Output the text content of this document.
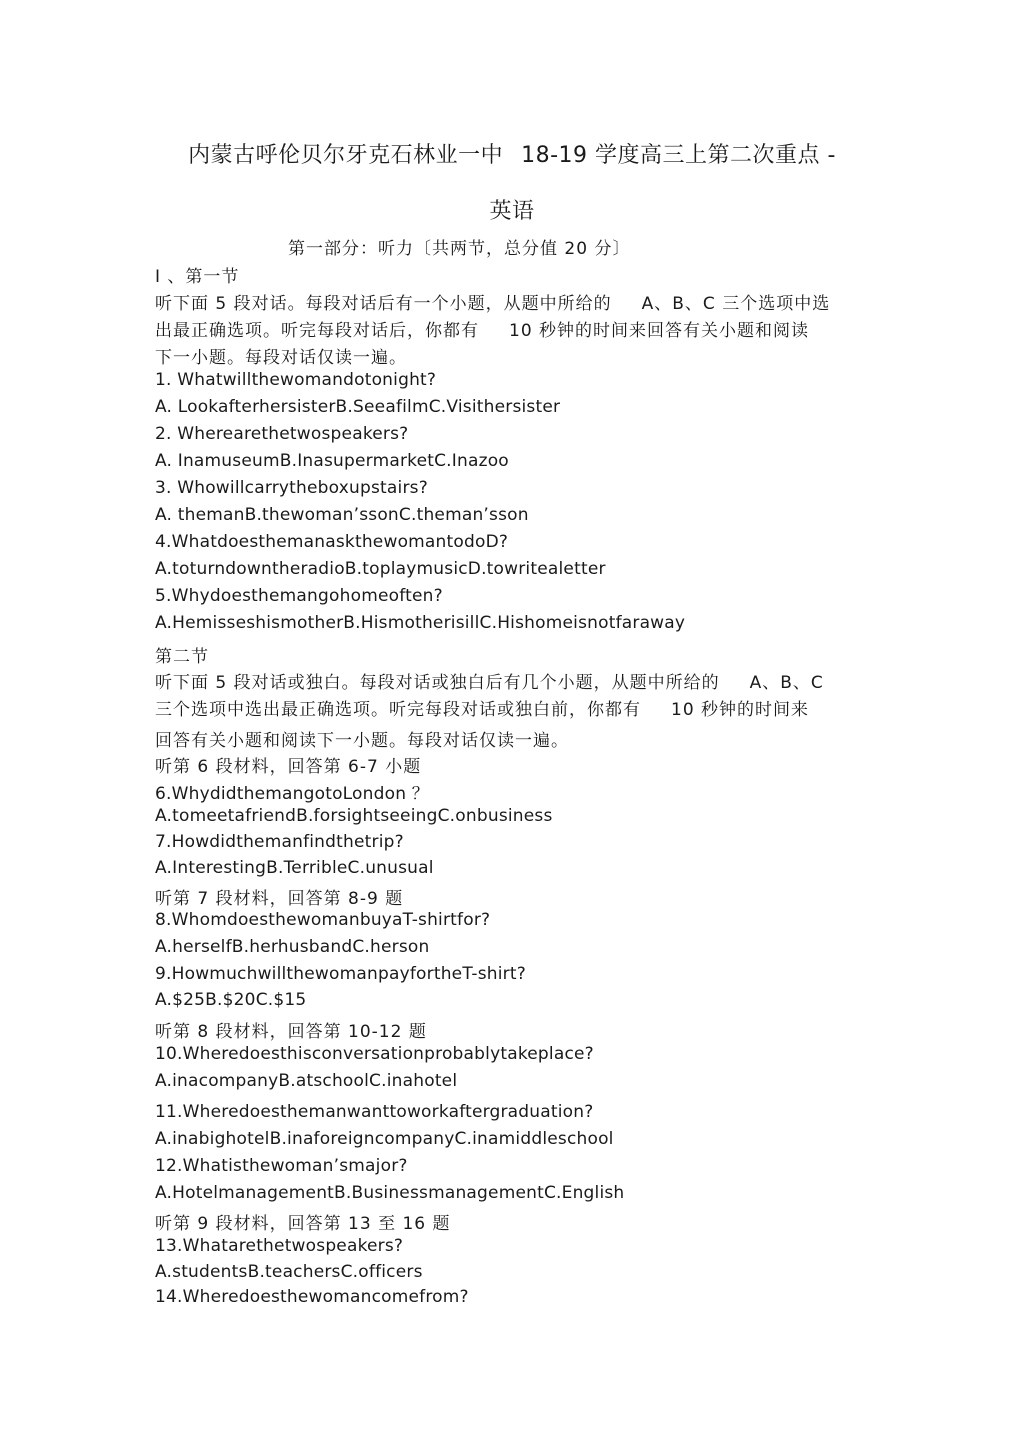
内蒙古呼伦贝尔牙克石林业一中 18-19 学度高三上第二次重点 -
英语
第一部分：听力〔共两节，总分值 20 分〕
I 、第一节
听下面 5 段对话。每段对话后有一个小题，从题中所给的 A、B、C 三个选项中选
出最正确选项。听完每段对话后，你都有 10 秒钟的时间来回答有关小题和阅读
下一小题。每段对话仅读一遍。
1. Whatwillthewomandotonight?
A. LookafterhersisterB.SeeafilmC.Visithersister
2. Wherearethetwospeakers?
A. InamuseumB.InasupermarketC.Inazoo
3. Whowillcarrytheboxupstairs?
A. themanB.thewoman’ssonC.theman’sson
4.WhatdoesthemanaskthewomantodoD?
A.toturndowntheradioB.toplaymusicD.towritealetter
5.Whydoesthemangohomeoften?
A.HemisseshismotherB.HismotherisillC.Hishomeisnotfaraway
第二节
听下面 5 段对话或独白。每段对话或独白后有几个小题，从题中所给的 A、B、C
三个选项中选出最正确选项。听完每段对话或独白前，你都有 10 秒钟的时间来
回答有关小题和阅读下一小题。每段对话仅读一遍。
听第 6 段材料，回答第 6-7 小题
6.WhydidthemangotoLondon ？
A.tomeetafriendB.forsightseeingC.onbusiness
7.Howdidthemanfindthetrip?
A.InterestingB.TerribleC.unusual
听第 7 段材料，回答第 8-9 题
8.WhomdoesthewomanbuyaT-shirtfor?
A.herselfB.herhusbandC.herson
9.HowmuchwillthewomanpayfortheT-shirt?
A.$25B.$20C.$15
听第 8 段材料，回答第 10-12 题
10.Wheredoesthisconversationprobablytakeplace?
A.inacompanyB.atschoolC.inahotel
11.Wheredoesthemanwanttoworkaftergraduation?
A.inabighotelB.inaforeigncompanyC.inamiddleschool
12.Whatisthewoman’smajor?
A.HotelmanagementB.BusinessmanagementC.English
听第 9 段材料，回答第 13 至 16 题
13.Whatarethetwospeakers?
A.studentsB.teachersC.officers
14.Wheredoesthewomancomefrom?
